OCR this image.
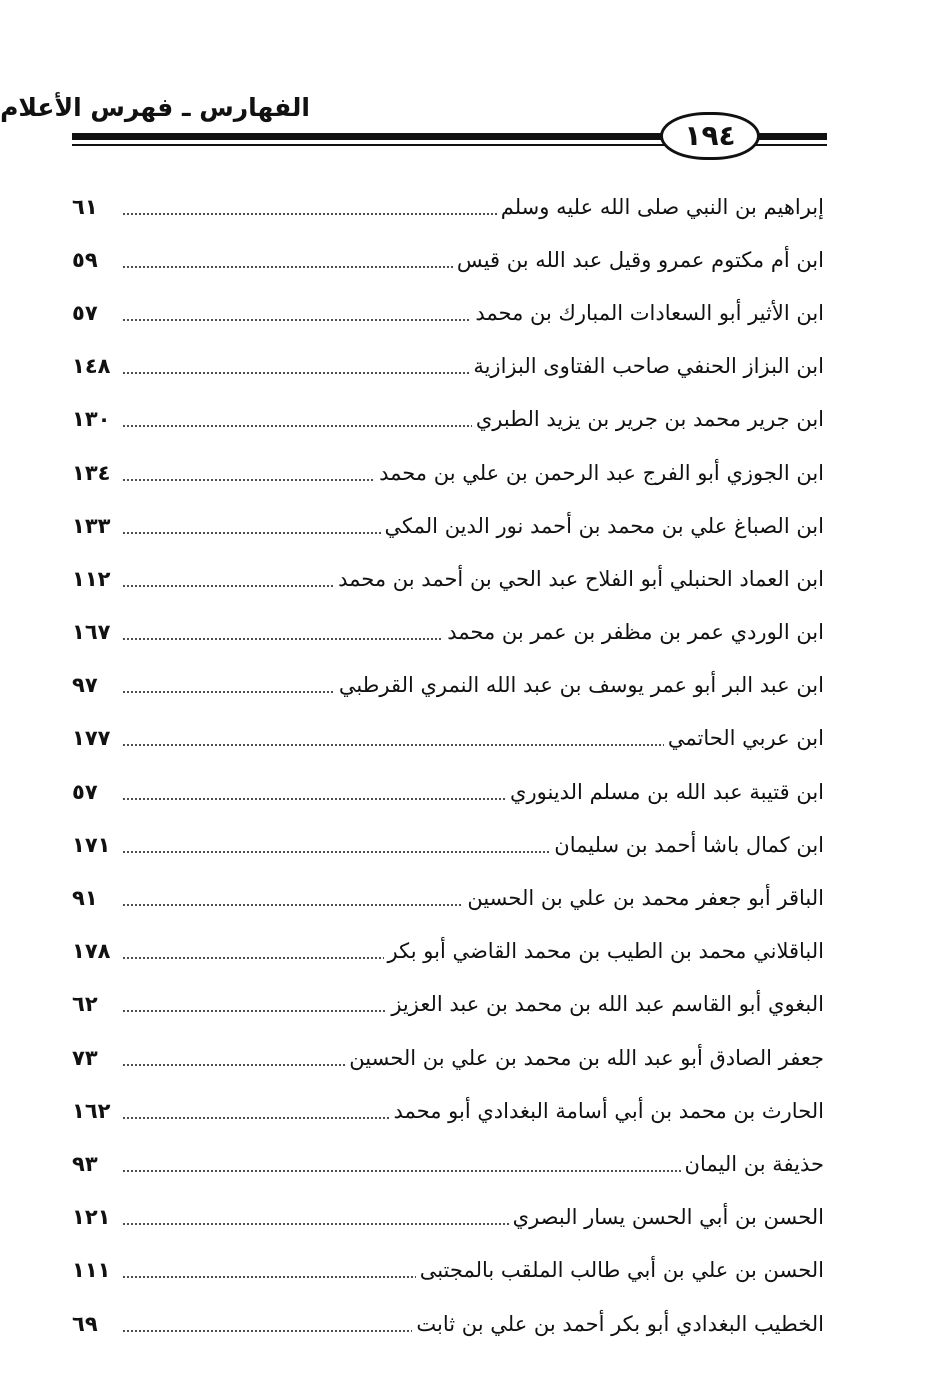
الفهارس ـ فهرس الأعلام
١٩٤
إبراهيم بن النبي صلى الله عليه وسلم
٦١
ابن أم مكتوم عمرو وقيل عبد الله بن قيس
٥٩
ابن الأثير أبو السعادات المبارك بن محمد
٥٧
ابن البزاز الحنفي صاحب الفتاوى البزازية
١٤٨
ابن جرير محمد بن جرير بن يزيد الطبري
١٣٠
ابن الجوزي أبو الفرج عبد الرحمن بن علي بن محمد
١٣٤
ابن الصباغ علي بن محمد بن أحمد نور الدين المكي
١٣٣
ابن العماد الحنبلي أبو الفلاح عبد الحي بن أحمد بن محمد
١١٢
ابن الوردي عمر بن مظفر بن عمر بن محمد
١٦٧
ابن عبد البر أبو عمر يوسف بن عبد الله النمري القرطبي
٩٧
ابن عربي الحاتمي
١٧٧
ابن قتيبة عبد الله بن مسلم الدينوري
٥٧
ابن كمال باشا أحمد بن سليمان
١٧١
الباقر أبو جعفر محمد بن علي بن الحسين
٩١
الباقلاني محمد بن الطيب بن محمد القاضي أبو بكر
١٧٨
البغوي أبو القاسم عبد الله بن محمد بن عبد العزيز
٦٢
جعفر الصادق أبو عبد الله بن محمد بن علي بن الحسين
٧٣
الحارث بن محمد بن أبي أسامة البغدادي أبو محمد
١٦٢
حذيفة بن اليمان
٩٣
الحسن بن أبي الحسن يسار البصري
١٢١
الحسن بن علي بن أبي طالب الملقب بالمجتبى
١١١
الخطيب البغدادي أبو بكر أحمد بن علي بن ثابت
٦٩
